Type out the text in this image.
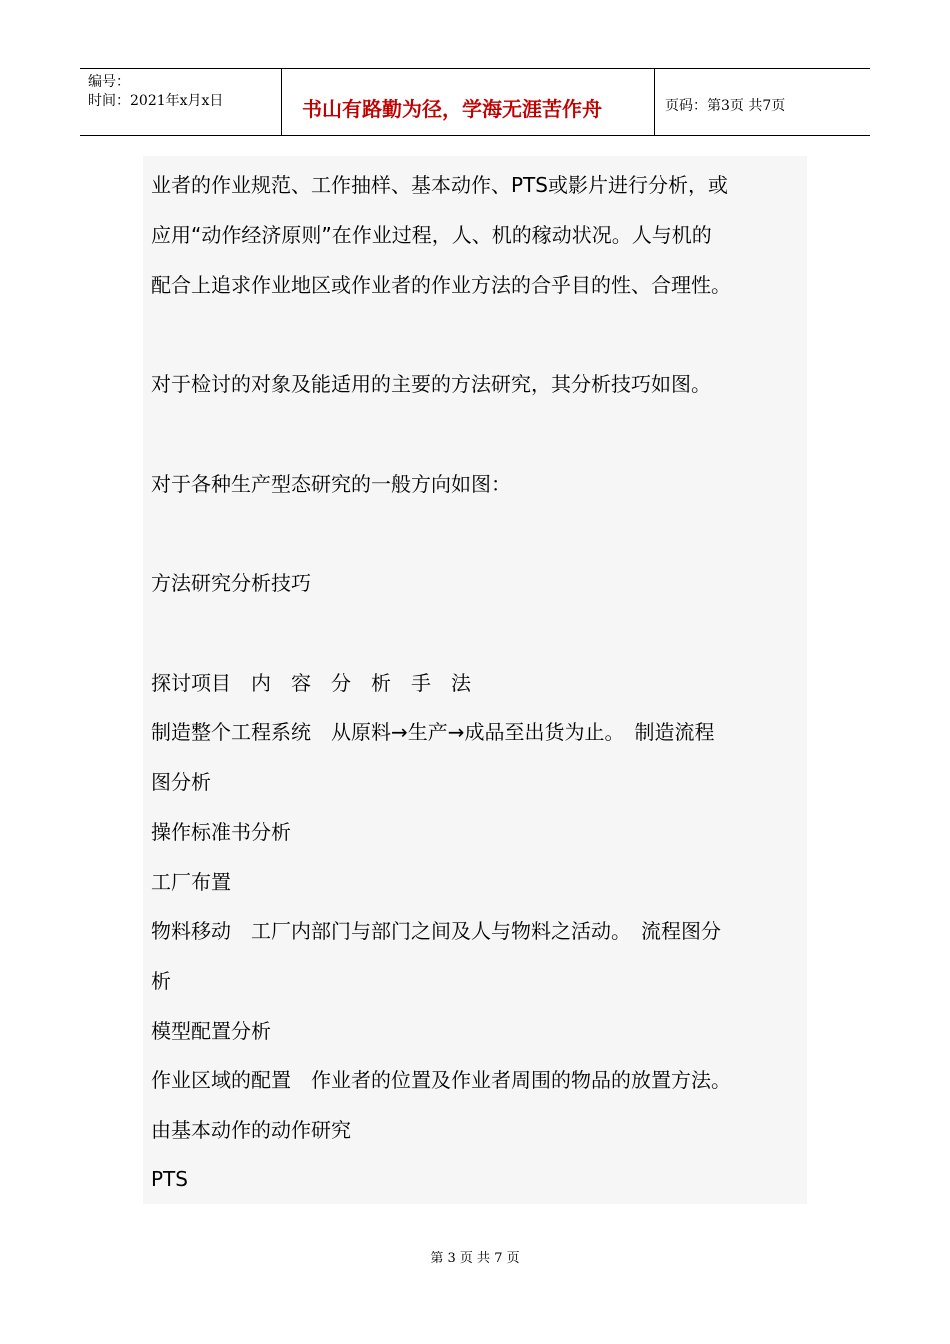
编号：
时间：2021年x月x日	书山有路勤为径，学海无涯苦作舟	页码：第3页 共7页
业者的作业规范、工作抽样、基本动作、PTS或影片进行分析，或
应用“动作经济原则”在作业过程，人、机的稼动状况。人与机的
配合上追求作业地区或作业者的作业方法的合乎目的性、合理性。
对于检讨的对象及能适用的主要的方法研究，其分析技巧如图。
对于各种生产型态研究的一般方向如图：
方法研究分析技巧
探讨项目　内　容　分　析　手　法
制造整个工程系统　从原料→生产→成品至出货为止。　制造流程
图分析
操作标准书分析
工厂布置
物料移动　工厂内部门与部门之间及人与物料之活动。　流程图分
析
模型配置分析
作业区域的配置　作业者的位置及作业者周围的物品的放置方法。
由基本动作的动作研究
PTS
第 3 页 共 7 页
